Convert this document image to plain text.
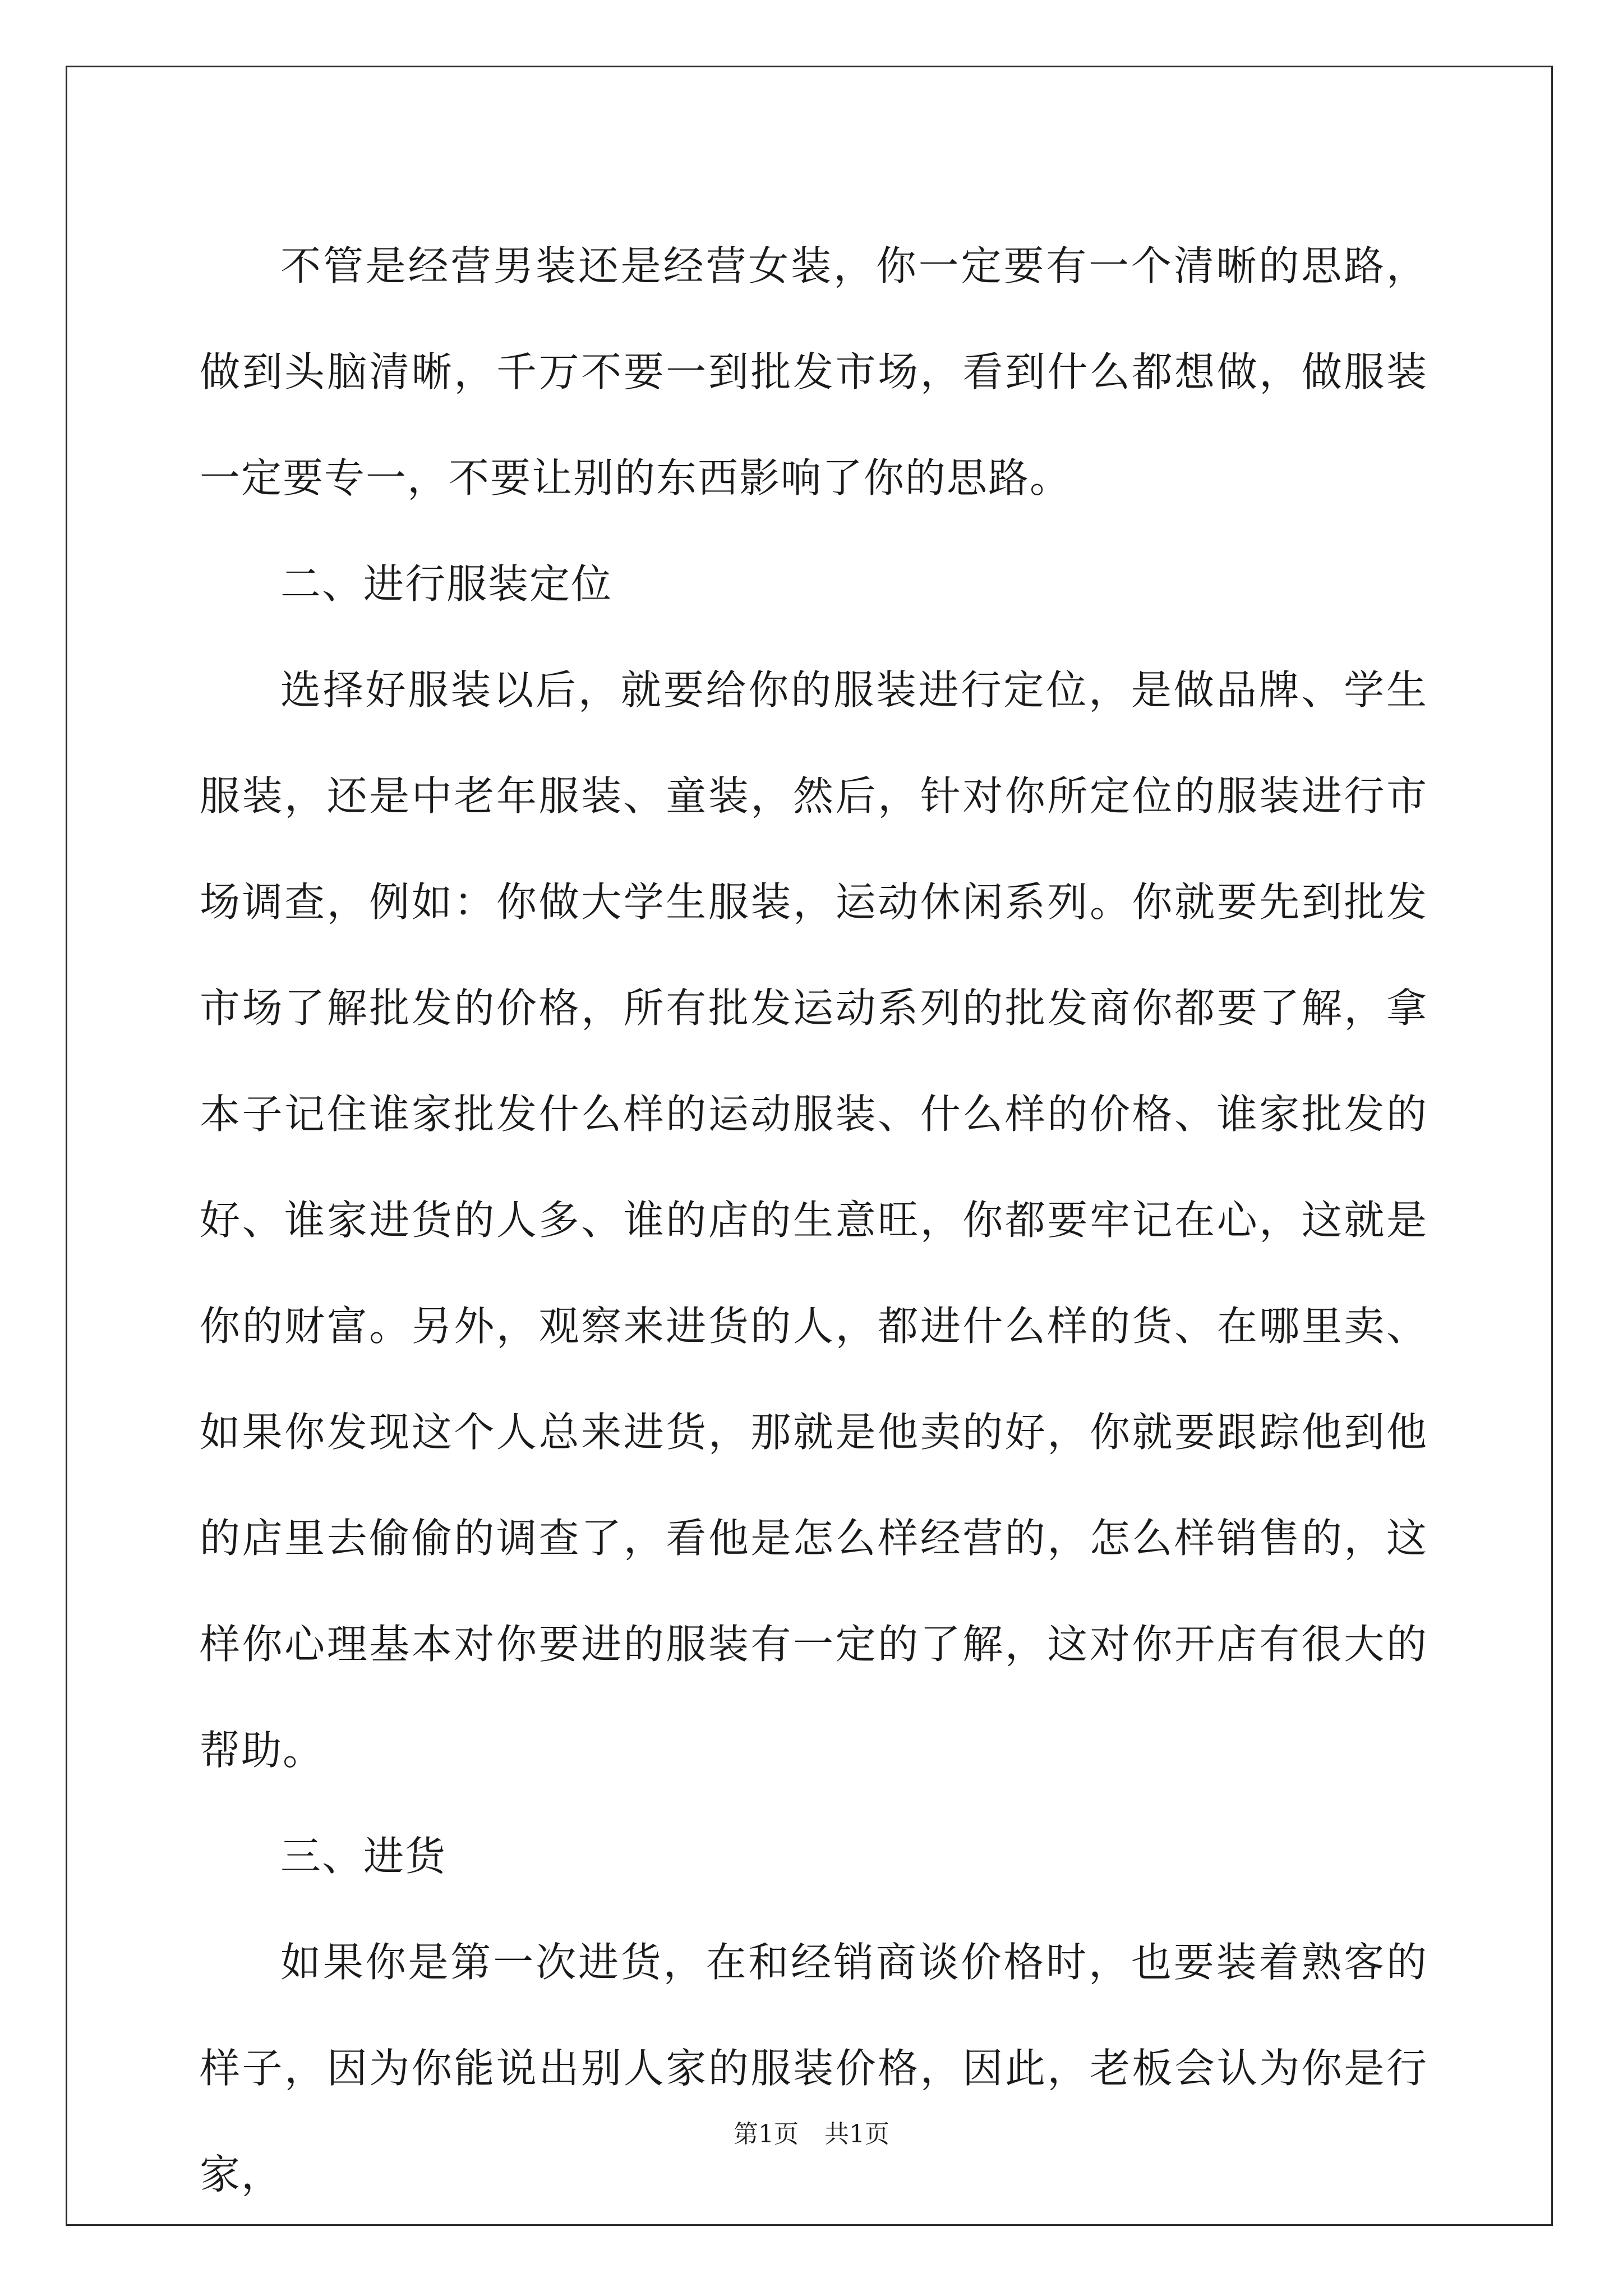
不管是经营男装还是经营女装，你一定要有一个清晰的思路，做到头脑清晰，千万不要一到批发市场，看到什么都想做，做服装一定要专一，不要让别的东西影响了你的思路。

二、进行服装定位

选择好服装以后，就要给你的服装进行定位，是做品牌、学生服装，还是中老年服装、童装，然后，针对你所定位的服装进行市场调查，例如：你做大学生服装，运动休闲系列。你就要先到批发市场了解批发的价格，所有批发运动系列的批发商你都要了解，拿本子记住谁家批发什么样的运动服装、什么样的价格、谁家批发的好、谁家进货的人多、谁的店的生意旺，你都要牢记在心，这就是你的财富。另外，观察来进货的人，都进什么样的货、在哪里卖、如果你发现这个人总来进货，那就是他卖的好，你就要跟踪他到他的店里去偷偷的调查了，看他是怎么样经营的，怎么样销售的，这样你心理基本对你要进的服装有一定的了解，这对你开店有很大的帮助。

三、进货

如果你是第一次进货，在和经销商谈价格时，也要装着熟客的样子，因为你能说出别人家的服装价格，因此，老板会认为你是行家，

第1页 共1页
